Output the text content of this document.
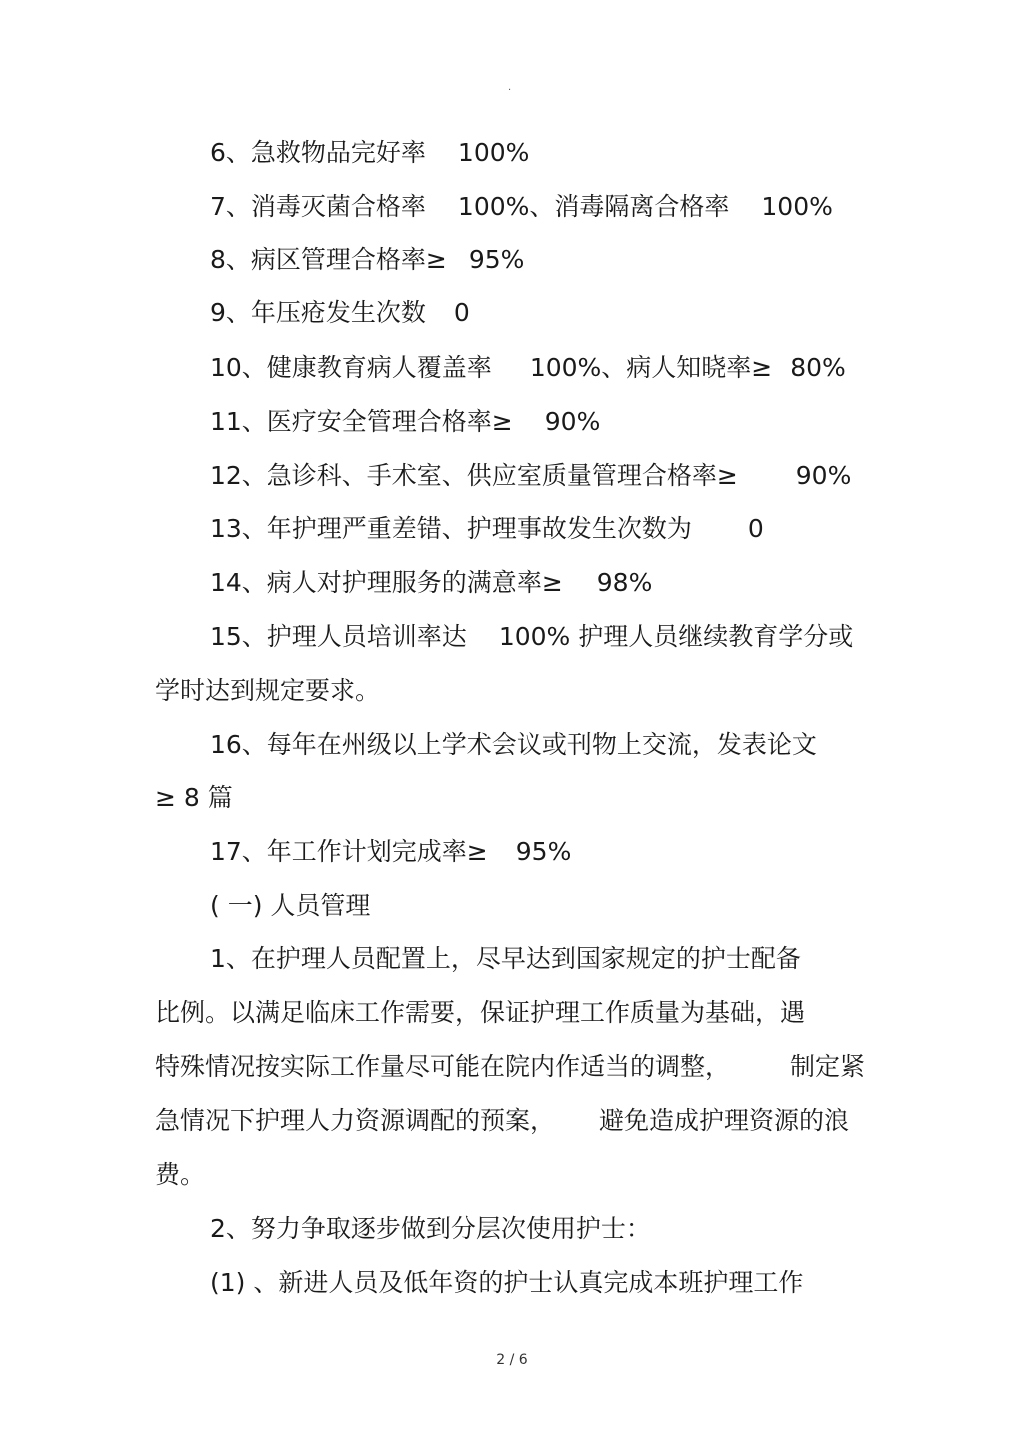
.
6、急救物品完好率 100%
7、消毒灭菌合格率 100%、消毒隔离合格率 100%
8、病区管理合格率≥ 95%
9、年压疮发生次数 0
10、健康教育病人覆盖率 100%、病人知晓率≥ 80%
11、医疗安全管理合格率≥ 90%
12、急诊科、手术室、供应室质量管理合格率≥ 90%
13、年护理严重差错、护理事故发生次数为 0
14、病人对护理服务的满意率≥ 98%
15、护理人员培训率达 100% 护理人员继续教育学分或
学时达到规定要求。
16、每年在州级以上学术会议或刊物上交流，发表论文
≥ 8 篇
17、年工作计划完成率≥ 95%
( 一) 人员管理
1、在护理人员配置上，尽早达到国家规定的护士配备
比例。以满足临床工作需要，保证护理工作质量为基础，遇
特殊情况按实际工作量尽可能在院内作适当的调整， 制定紧
急情况下护理人力资源调配的预案， 避免造成护理资源的浪
费。
2、努力争取逐步做到分层次使用护士：
(1) 、新进人员及低年资的护士认真完成本班护理工作
2 / 6
